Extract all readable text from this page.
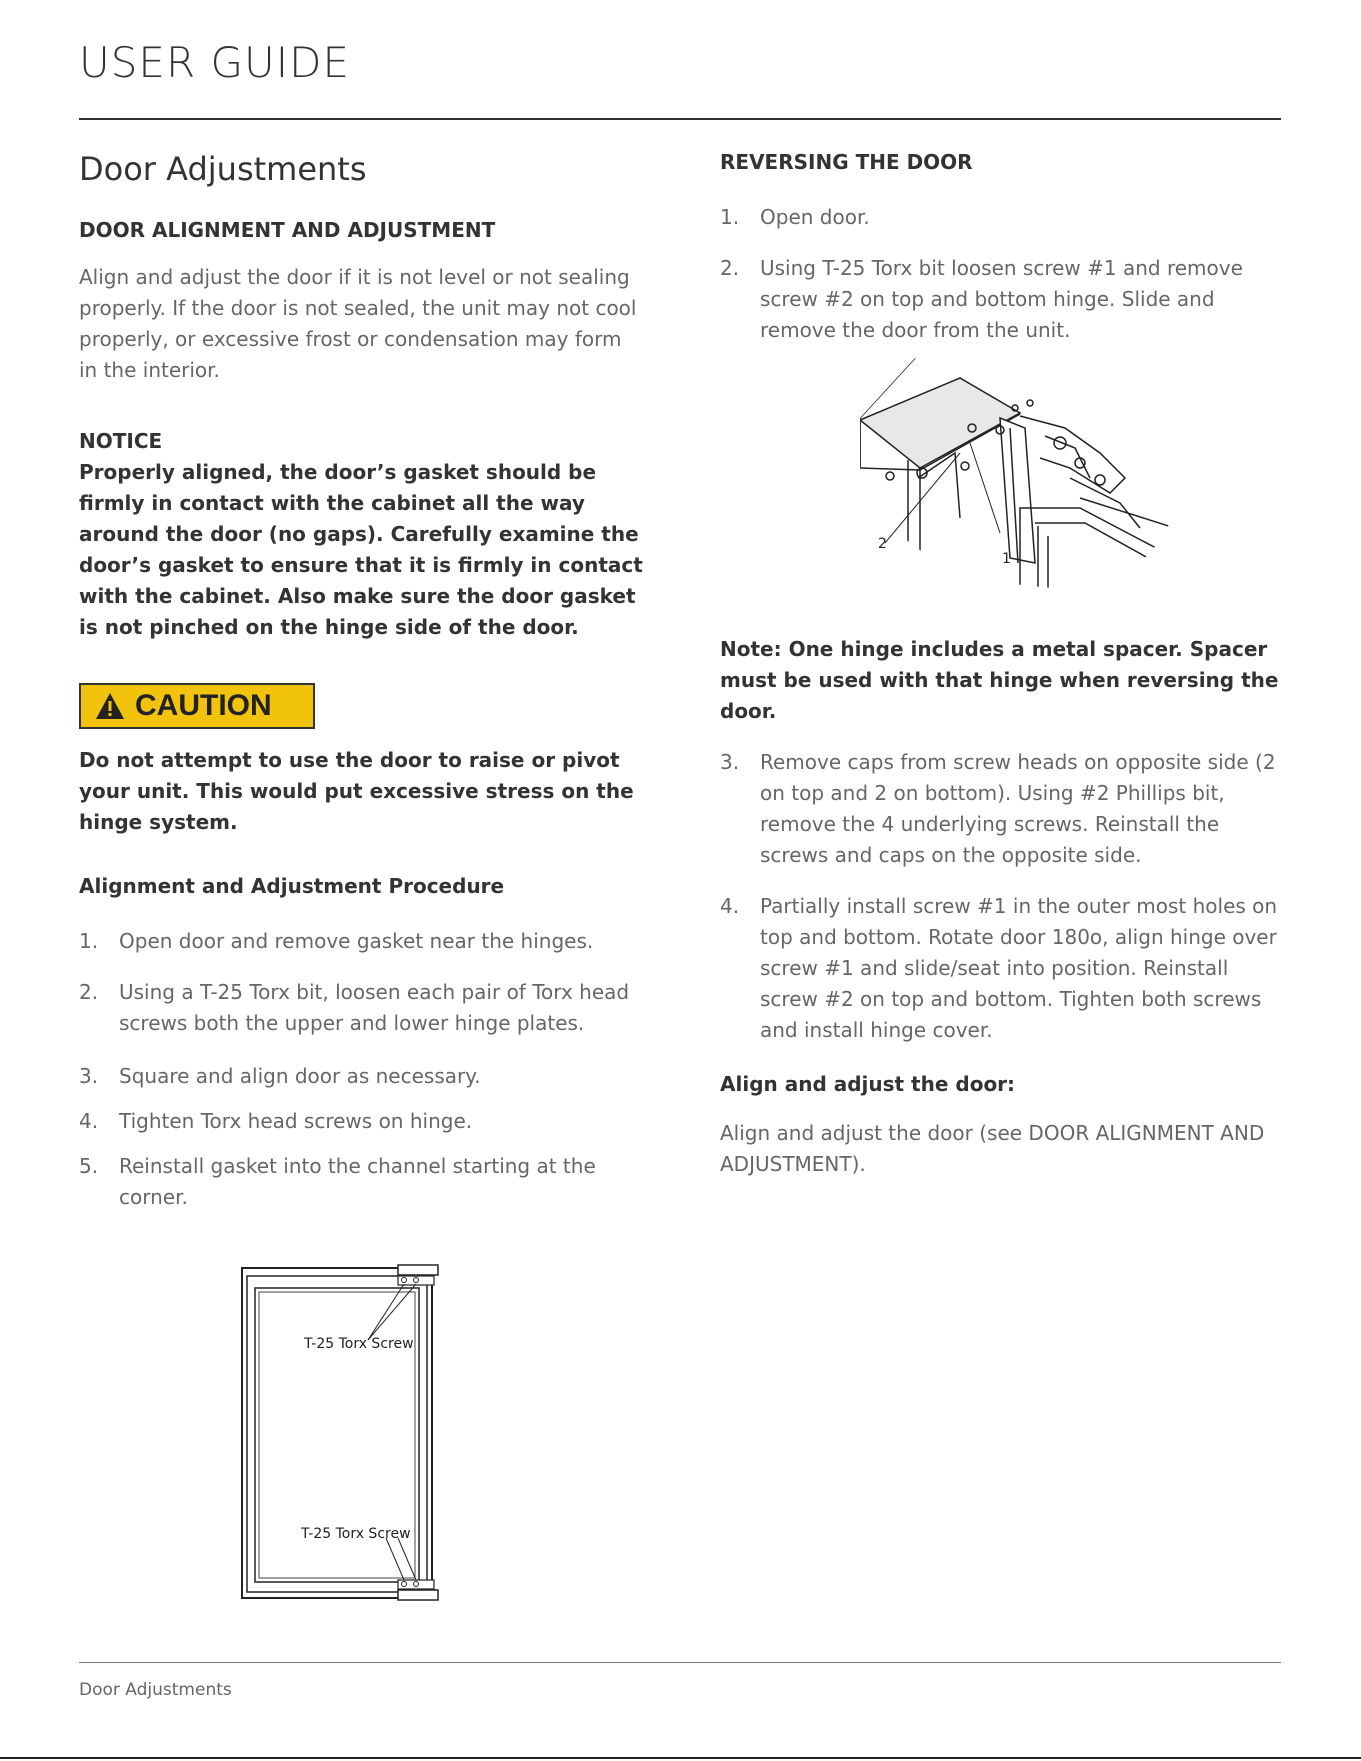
USER GUIDE
Door Adjustments
DOOR ALIGNMENT AND ADJUSTMENT

Align and adjust the door if it is not level or not sealing properly. If the door is not sealed, the unit may not cool properly, or excessive frost or condensation may form in the interior.

NOTICE

Properly aligned, the door’s gasket should be firmly in contact with the cabinet all the way around the door (no gaps). Carefully examine the door’s gasket to ensure that it is firmly in contact with the cabinet. Also make sure the door gasket is not pinched on the hinge side of the door.

CAUTION

Do not attempt to use the door to raise or pivot your unit. This would put excessive stress on the hinge system.

Alignment and Adjustment Procedure
1.	Open door and remove gasket near the hinges.
2.	Using a T-25 Torx bit, loosen each pair of Torx head screws both the upper and lower hinge plates.
3.	Square and align door as necessary.
4.	Tighten Torx head screws on hinge.
5.	Reinstall gasket into the channel starting at the corner.
T-25 Torx Screw
T-25 Torx Screw
REVERSING THE DOOR
1.	Open door.
2.	Using T-25 Torx bit loosen screw #1 and remove screw #2 on top and bottom hinge. Slide and remove the door from the unit.

Note: One hinge includes a metal spacer. Spacer must be used with that hinge when reversing the door.

3.	Remove caps from screw heads on opposite side (2 on top and 2 on bottom). Using #2 Phillips bit, remove the 4 underlying screws. Reinstall the screws and caps on the opposite side.
4.	Partially install screw #1 in the outer most holes on top and bottom. Rotate door 180o, align hinge over screw #1 and slide/seat into position. Reinstall screw #2 on top and bottom. Tighten both screws and install hinge cover.
Align and adjust the door:

Align and adjust the door (see DOOR ALIGNMENT AND ADJUSTMENT).

2
1
Door Adjustments
